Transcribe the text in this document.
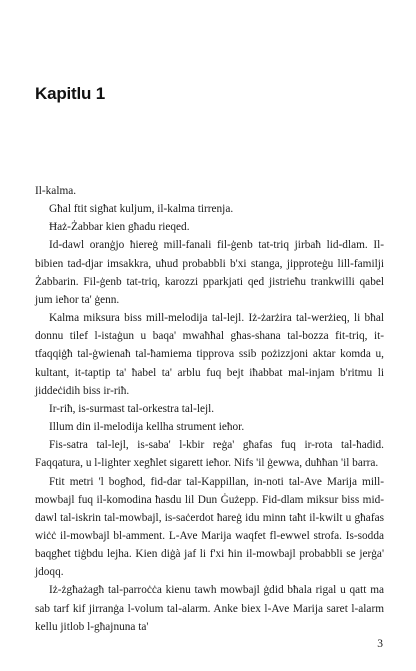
Kapitlu 1

Il-kalma.

Għal ftit sigħat kuljum, il-kalma tirrenja.

Ħaż-Żabbar kien għadu rieqed.

Id-dawl oranġjo ħiereġ mill-fanali fil-ġenb tat-triq jirbaħ lid-dlam. Il-bibien tad-djar imsakkra, uħud probabbli b'xi stanga, jipproteġu lill-familji Żabbarin. Fil-ġenb tat-triq, karozzi pparkjati qed jistrieħu trankwilli qabel jum ieħor ta' ġenn.

Kalma miksura biss mill-melodija tal-lejl. Iż-żarżira tal-werżieq, li bħal donnu tilef l-istaġun u baqa' mwaħħal għas-shana tal-bozza fit-triq, it-tfaqqiġħ tal-ġwienaħ tal-ħamiema tipprova ssib pożizzjoni aktar komda u, kultant, it-taptip ta' ħabel ta' arblu fuq bejt iħabbat mal-injam b'ritmu li jiddeċidih biss ir-riħ.

Ir-riħ, is-surmast tal-orkestra tal-lejl.

Illum din il-melodija kellha strument ieħor.

Fis-satra tal-lejl, is-saba' l-kbir reġa' għafas fuq ir-rota tal-ħadid. Faqqatura, u l-lighter xegħlet sigarett ieħor. Nifs 'il ġewwa, duħħan 'il barra.

Ftit metri 'l bogħod, fid-dar tal-Kappillan, in-noti tal-Ave Marija mill-mowbajl fuq il-komodina ħasdu lil Dun Ġużepp. Fid-dlam miksur biss mid-dawl tal-iskrin tal-mowbajl, is-saċerdot ħareġ idu minn taħt il-kwilt u għafas wiċċ il-mowbajl bl-amment. L-Ave Marija waqfet fl-ewwel strofa. Is-sodda baqgħet tiġbdu lejha. Kien diġà jaf li f'xi ħin il-mowbajl probabbli se jerġa' jdoqq.

Iż-żgħażagħ tal-parroċċa kienu tawh mowbajl ġdid bħala rigal u qatt ma sab tarf kif jirranġa l-volum tal-alarm. Anke biex l-Ave Marija saret l-alarm kellu jitlob l-għajnuna ta'

3
